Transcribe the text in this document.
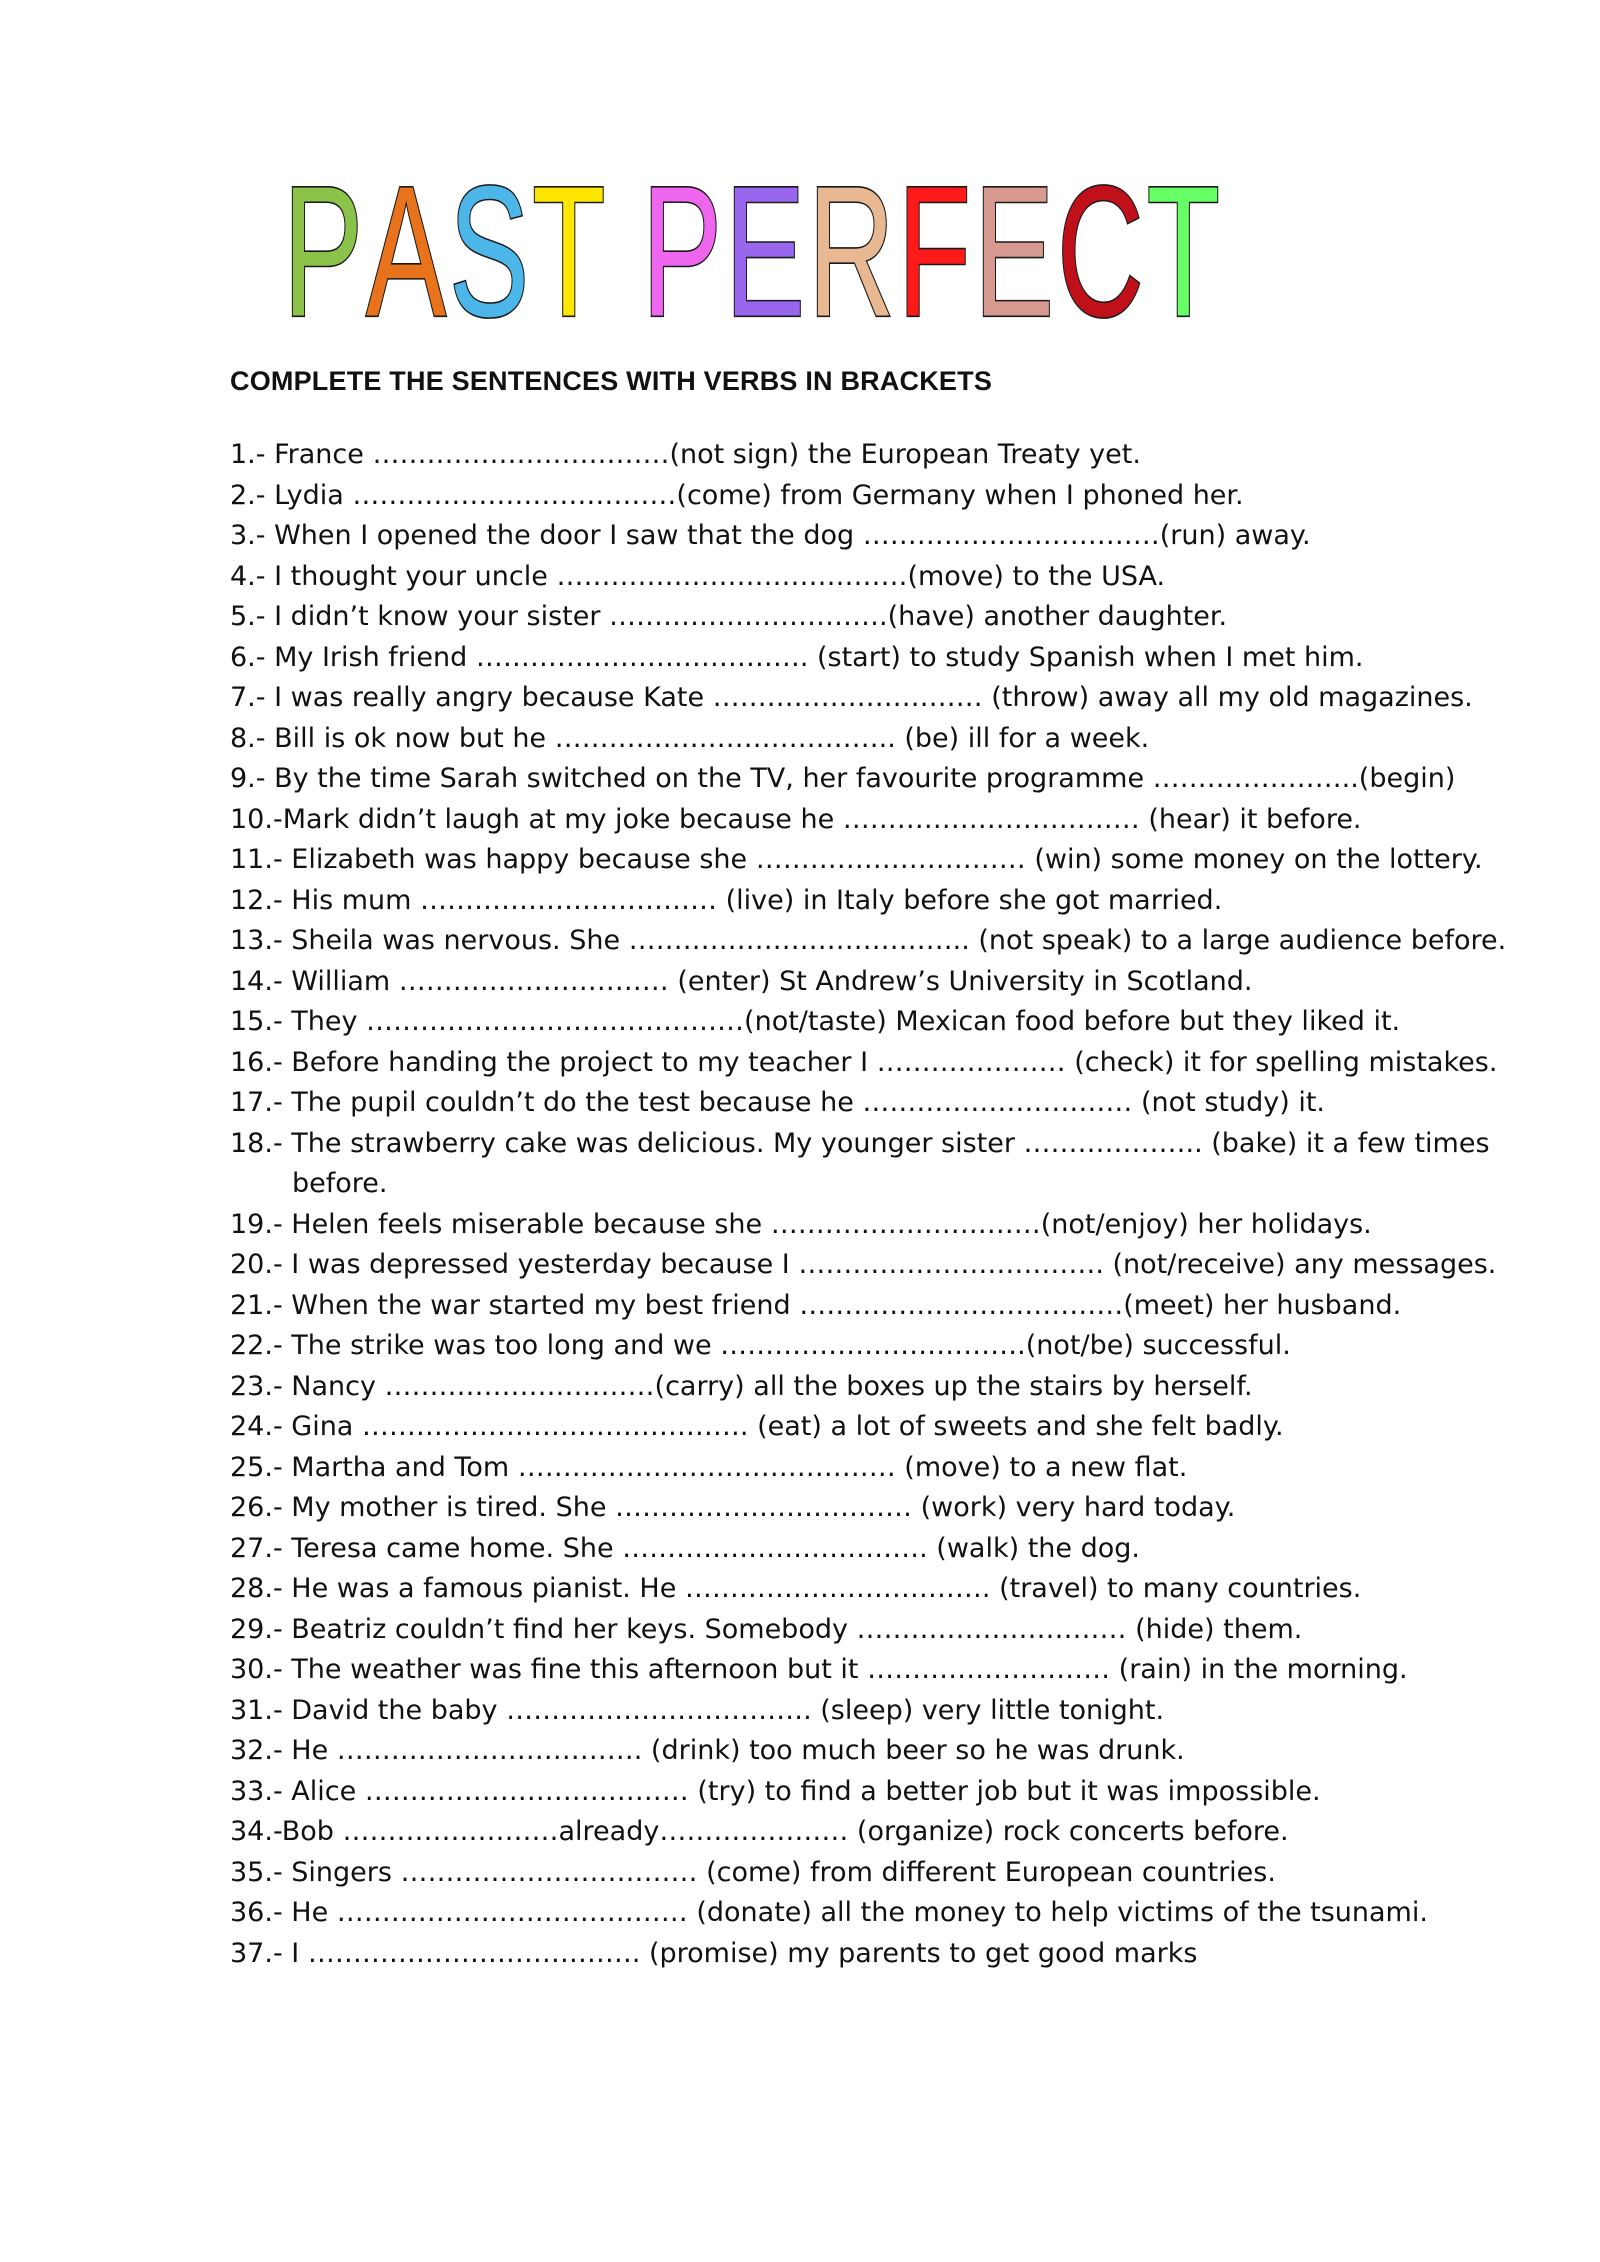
P A S T P E R F E C T
COMPLETE THE SENTENCES WITH VERBS IN BRACKETS
1.- France ……………………………(not sign) the European Treaty yet.
2.- Lydia ………………………………(come) from Germany when I phoned her.
3.- When I opened the door I saw that the dog ……………………………(run) away.
4.- I thought your uncle …………………………………(move) to the USA.
5.- I didn’t know your sister ………………………….(have) another daughter.
6.- My Irish friend ………………………………. (start) to study Spanish when I met him.
7.- I was really angry because Kate ………………………… (throw) away all my old magazines.
8.- Bill is ok now but he ……………………………….. (be) ill for a week.
9.- By the time Sarah switched on the TV, her favourite programme …………………..(begin)
10.-Mark didn’t laugh at my joke because he …………………………… (hear) it before.
11.- Elizabeth was happy because she ………………………… (win) some money on the lottery.
12.- His mum …………………………… (live) in Italy before she got married.
13.- Sheila was nervous. She ……………………………….. (not speak) to a large audience before.
14.- William ………………………… (enter) St Andrew’s University in Scotland.
15.- They ……………………………………(not/taste) Mexican food before but they liked it.
16.- Before handing the project to my teacher I ………………… (check) it for spelling mistakes.
17.- The pupil couldn’t do the test because he ………………………… (not study) it.
18.- The strawberry cake was delicious. My younger sister ……………….. (bake) it a few times before.
19.- Helen feels miserable because she …………………………(not/enjoy) her holidays.
20.- I was depressed yesterday because I ……………………………. (not/receive) any messages.
21.- When the war started my best friend ………………………………(meet) her husband.
22.- The strike was too long and we …………………………….(not/be) successful.
23.- Nancy …………………………(carry) all the boxes up the stairs by herself.
24.- Gina ……………………………………. (eat) a lot of sweets and she felt badly.
25.- Martha and Tom …………………………………… (move) to a new flat.
26.- My mother is tired. She …………………………… (work) very hard today.
27.- Teresa came home. She ……………………………. (walk) the dog.
28.- He was a famous pianist. He ……………………………. (travel) to many countries.
29.- Beatriz couldn’t find her keys. Somebody ………………………… (hide) them.
30.- The weather was fine this afternoon but it ……………………… (rain) in the morning.
31.- David the baby ……………………………. (sleep) very little tonight.
32.- He ……………………………. (drink) too much beer so he was drunk.
33.- Alice ……………………………… (try) to find a better job but it was impossible.
34.-Bob ……………………already………………… (organize) rock concerts before.
35.- Singers …………………………… (come) from different European countries.
36.- He ………………………………… (donate) all the money to help victims of the tsunami.
37.- I ………………………………. (promise) my parents to get good marks
